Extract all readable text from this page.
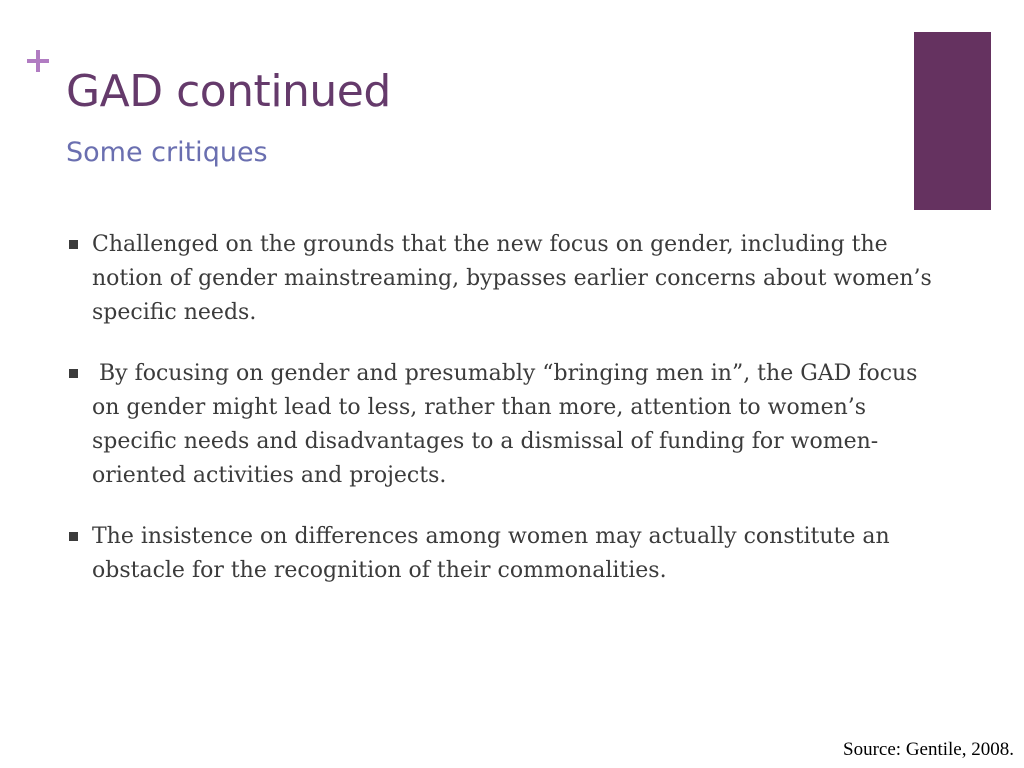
GAD continued
Some critiques
Challenged on the grounds that the new focus on gender, including the notion of gender mainstreaming, bypasses earlier concerns about women’s specific needs.
By focusing on gender and presumably “bringing men in”, the GAD focus on gender might lead to less, rather than more, attention to women’s specific needs and disadvantages to a dismissal of funding for women-oriented activities and projects.
The insistence on differences among women may actually constitute an obstacle for the recognition of their commonalities.
Source: Gentile, 2008.
